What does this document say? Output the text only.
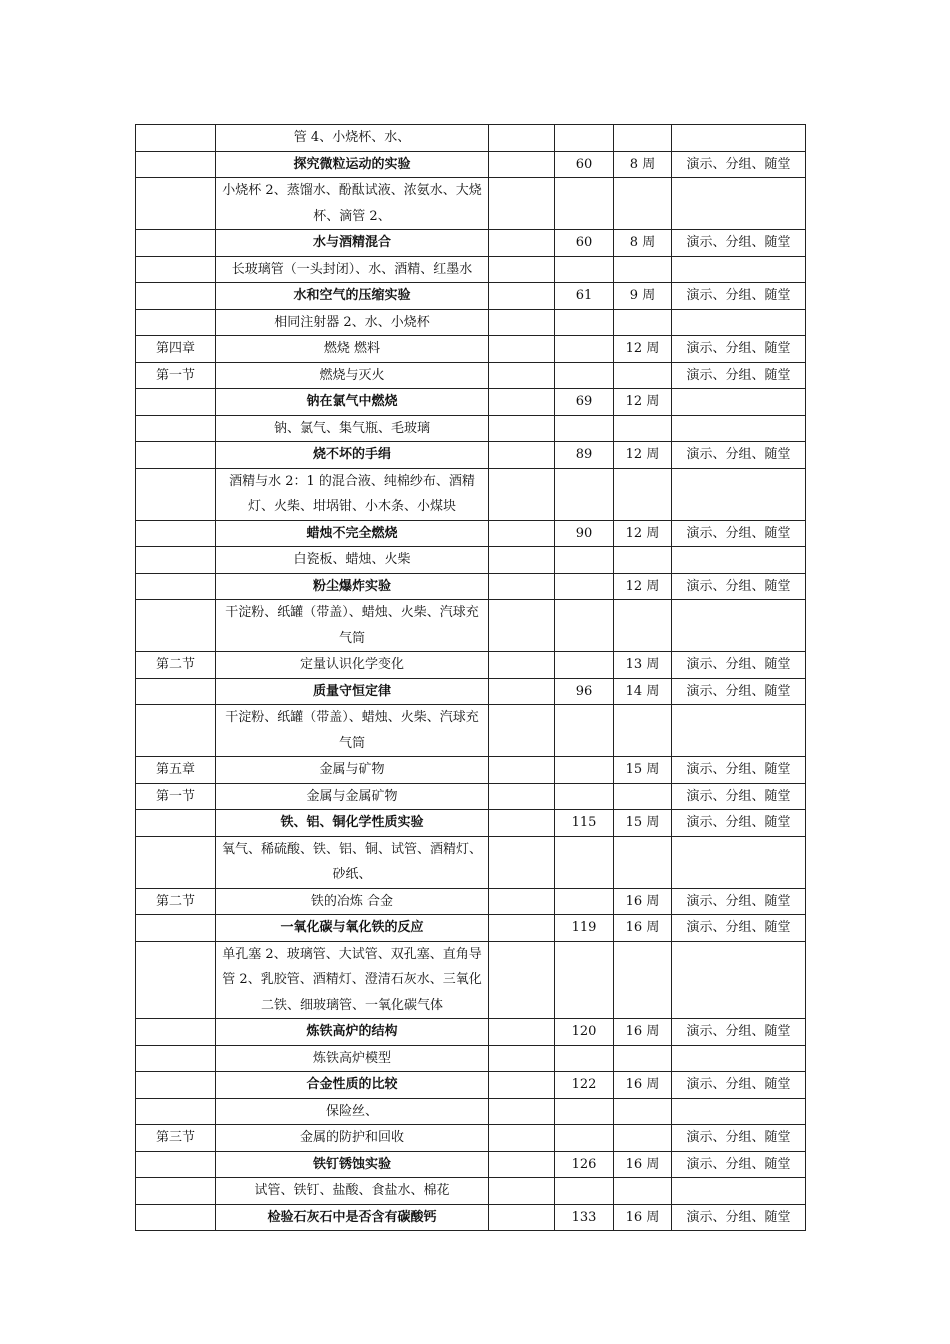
	管 4、小烧杯、水、				
	探究微粒运动的实验		60	8 周	演示、分组、随堂
	小烧杯 2、蒸馏水、酚酞试液、浓氨水、大烧杯、滴管 2、				
	水与酒精混合		60	8 周	演示、分组、随堂
	长玻璃管（一头封闭）、水、酒精、红墨水				
	水和空气的压缩实验		61	9 周	演示、分组、随堂
	相同注射器 2、水、小烧杯				
第四章	燃烧 燃料			12 周	演示、分组、随堂
第一节	燃烧与灭火				演示、分组、随堂
	钠在氯气中燃烧		69	12 周	
	钠、氯气、集气瓶、毛玻璃				
	烧不坏的手绢		89	12 周	演示、分组、随堂
	酒精与水 2：1 的混合液、纯棉纱布、酒精灯、火柴、坩埚钳、小木条、小煤块				
	蜡烛不完全燃烧		90	12 周	演示、分组、随堂
	白瓷板、蜡烛、火柴				
	粉尘爆炸实验			12 周	演示、分组、随堂
	干淀粉、纸罐（带盖）、蜡烛、火柴、汽球充气筒				
第二节	定量认识化学变化			13 周	演示、分组、随堂
	质量守恒定律		96	14 周	演示、分组、随堂
	干淀粉、纸罐（带盖）、蜡烛、火柴、汽球充气筒				
第五章	金属与矿物			15 周	演示、分组、随堂
第一节	金属与金属矿物				演示、分组、随堂
	铁、铝、铜化学性质实验		115	15 周	演示、分组、随堂
	氧气、稀硫酸、铁、铝、铜、试管、酒精灯、砂纸、				
第二节	铁的冶炼 合金			16 周	演示、分组、随堂
	一氧化碳与氧化铁的反应		119	16 周	演示、分组、随堂
	单孔塞 2、玻璃管、大试管、双孔塞、直角导管 2、乳胶管、酒精灯、澄清石灰水、三氧化二铁、细玻璃管、一氧化碳气体				
	炼铁高炉的结构		120	16 周	演示、分组、随堂
	炼铁高炉模型				
	合金性质的比较		122	16 周	演示、分组、随堂
	保险丝、				
第三节	金属的防护和回收				演示、分组、随堂
	铁钉锈蚀实验		126	16 周	演示、分组、随堂
	试管、铁钉、盐酸、食盐水、棉花				
	检验石灰石中是否含有碳酸钙		133	16 周	演示、分组、随堂
